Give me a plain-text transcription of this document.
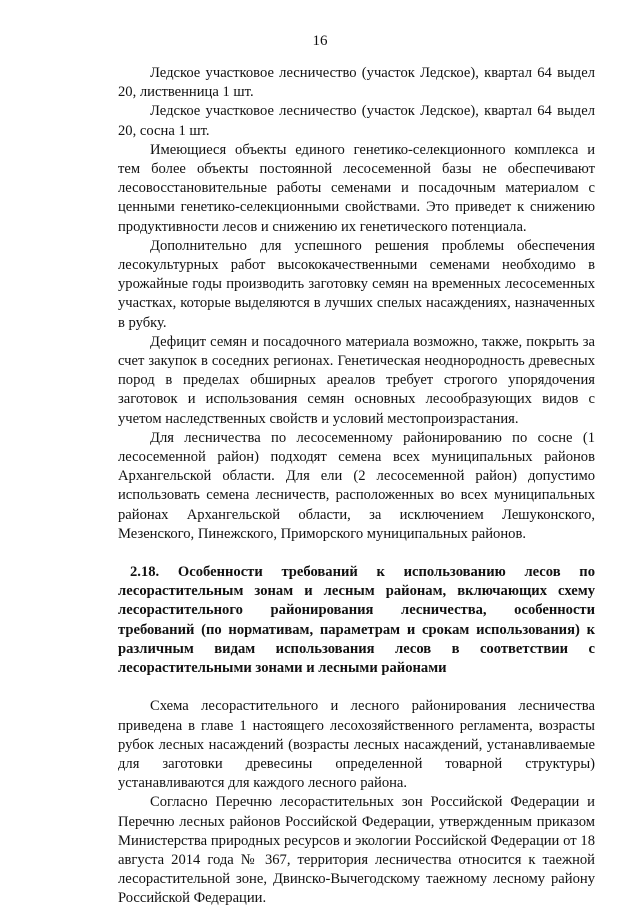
16

Ледское участковое лесничество (участок Ледское), квартал 64 выдел 20, лиственница 1 шт.

Ледское участковое лесничество (участок Ледское), квартал 64 выдел 20, сосна 1 шт.

Имеющиеся объекты единого генетико-селекционного комплекса и тем более объекты постоянной лесосеменной базы не обеспечивают лесовосстановительные работы семенами и посадочным материалом с ценными генетико-селекционными свойствами. Это приведет к снижению продуктивности лесов и снижению их генетического потенциала.

Дополнительно для успешного решения проблемы обеспечения лесокультурных работ высококачественными семенами необходимо в урожайные годы производить заготовку семян на временных лесосеменных участках, которые выделяются в лучших спелых насаждениях, назначенных в рубку.

Дефицит семян и посадочного материала возможно, также, покрыть за счет закупок в соседних регионах. Генетическая неоднородность древесных пород в пределах обширных ареалов требует строгого упорядочения заготовок и использования семян основных лесообразующих видов с учетом наследственных свойств и условий местопроизрастания.

Для лесничества по лесосеменному районированию по сосне (1 лесосеменной район) подходят семена всех муниципальных районов Архангельской области. Для ели (2 лесосеменной район) допустимо использовать семена лесничеств, расположенных во всех муниципальных районах Архангельской области, за исключением Лешуконского, Мезенского, Пинежского, Приморского муниципальных районов.

2.18. Особенности требований к использованию лесов по лесорастительным зонам и лесным районам, включающих схему лесорастительного районирования лесничества, особенности требований (по нормативам, параметрам и срокам использования) к различным видам использования лесов в соответствии с лесорастительными зонами и лесными районами

Схема лесорастительного и лесного районирования лесничества приведена в главе 1 настоящего лесохозяйственного регламента, возрасты рубок лесных насаждений (возрасты лесных насаждений, устанавливаемые для заготовки древесины определенной товарной структуры) устанавливаются для каждого лесного района.

Согласно Перечню лесорастительных зон Российской Федерации и Перечню лесных районов Российской Федерации, утвержденным приказом Министерства природных ресурсов и экологии Российской Федерации от 18 августа 2014 года № 367, территория лесничества относится к таежной лесорастительной зоне, Двинско-Вычегодскому таежному лесному району Российской Федерации.
